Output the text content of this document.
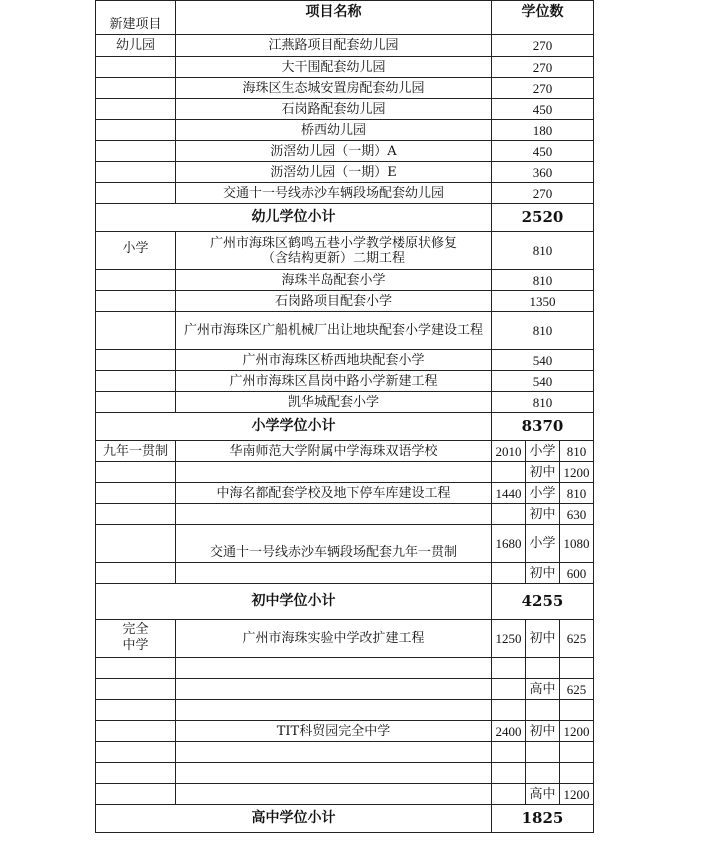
新建项目	项目名称	学位数		
幼儿园	江燕路项目配套幼儿园	270		
	大干围配套幼儿园	270		
	海珠区生态城安置房配套幼儿园	270		
	石岗路配套幼儿园	450		
	桥西幼儿园	180		
	沥滘幼儿园（一期）A	450		
	沥滘幼儿园（一期）E	360		
	交通十一号线赤沙车辆段场配套幼儿园	270		
幼儿学位小计		2520		
小学	广州市海珠区鹤鸣五巷小学教学楼原状修复（含结构更新）二期工程	810		
	海珠半岛配套小学	810		
	石岗路项目配套小学	1350		
	广州市海珠区广船机械厂出让地块配套小学建设工程	810		
	广州市海珠区桥西地块配套小学	540		
	广州市海珠区昌岗中路小学新建工程	540		
	凯华城配套小学	810		
小学学位小计		8370		
九年一贯制	华南师范大学附属中学海珠双语学校	2010	小学	810
			初中	1200
	中海名都配套学校及地下停车库建设工程	1440	小学	810
			初中	630
	交通十一号线赤沙车辆段场配套九年一贯制	1680	小学	1080
			初中	600
初中学位小计		4255		
完全中学	广州市海珠实验中学改扩建工程	1250	初中	625

			高中	625

	TIT科贸园完全中学	2400	初中	1200

			高中	1200
高中学位小计		1825		
